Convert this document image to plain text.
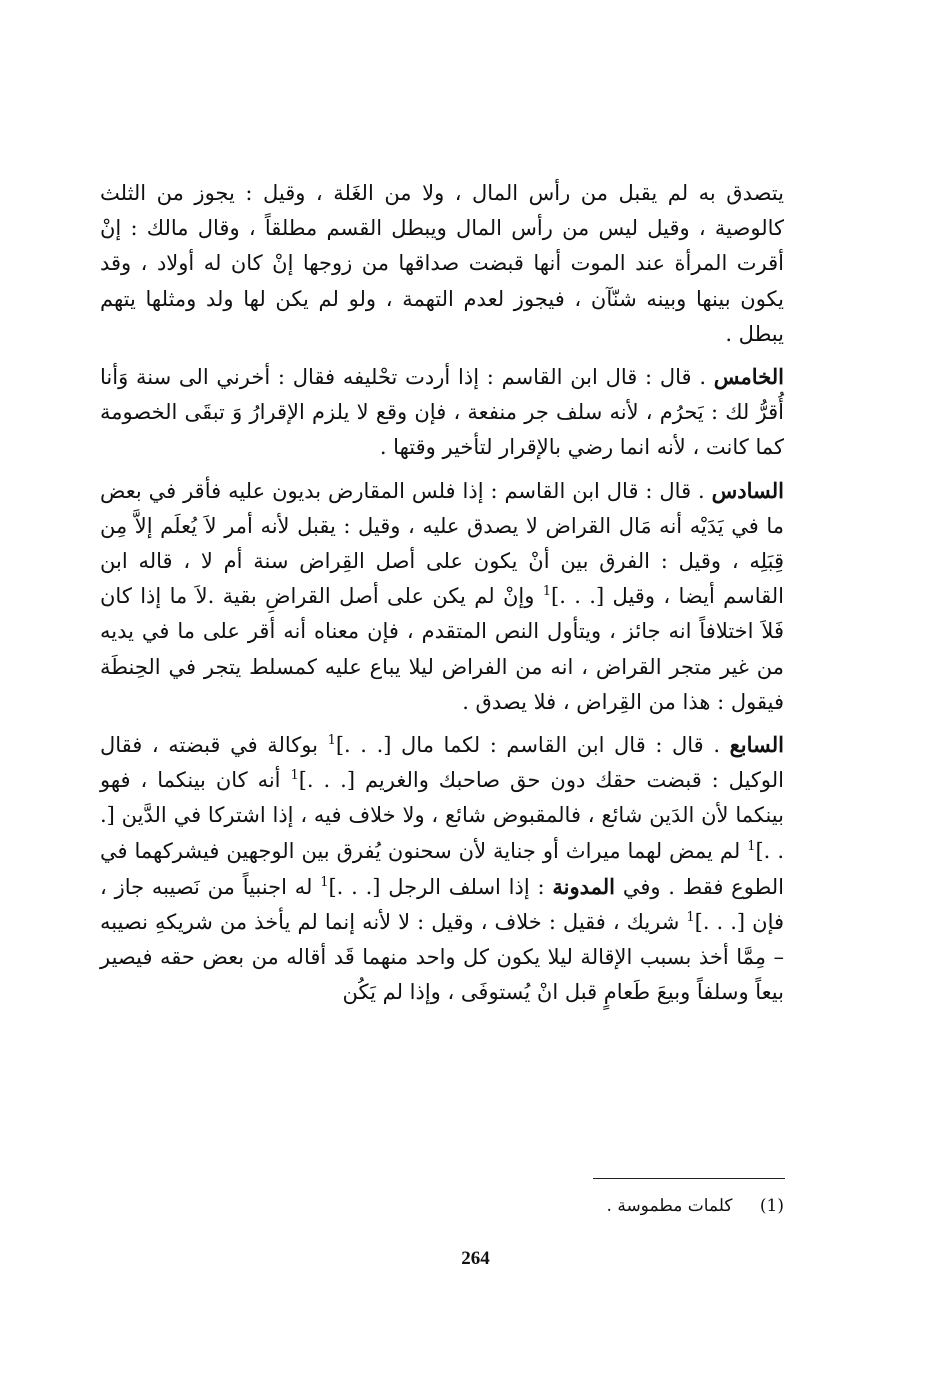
يتصدق به لم يقبل من رأس المال ، ولا من الغَلة ، وقيل : يجوز من الثلث كالوصية ، وقيل ليس من رأس المال ويبطل القسم مطلقاً ، وقال مالك : إنْ أقرت المرأة عند الموت أنها قبضت صداقها من زوجها إنْ كان له أولاد ، وقد يكون بينها وبينه شنّآن ، فيجوز لعدم التهمة ، ولو لم يكن لها ولد ومثلها يتهم يبطل .

الخامس . قال : قال ابن القاسم : إذا أردت تحْليفه فقال : أخرني الى سنة وَأنا أُقرُّ لك : يَحرُم ، لأنه سلف جر منفعة ، فإن وقع لا يلزم الإقرارُ وَ تبقَى الخصومة كما كانت ، لأنه انما رضي بالإقرار لتأخير وقتها .

السادس . قال : قال ابن القاسم : إذا فلس المقارض بديون عليه فأقر في بعض ما في يَدَيْه أنه مَال القراض لا يصدق عليه ، وقيل : يقبل لأنه أمر لاَ يُعلَم إلاَّ مِن قِبَلِه ، وقيل : الفرق بين أنْ يكون على أصل القِراض سنة أم لا ، قاله ابن القاسم أيضا ، وقيل [. . .]$^1$ وإنْ لم يكن على أصل القراضِ بقية .لاَ ما إذا كان فَلاَ اختلافاً انه جائز ، ويتأول النص المتقدم ، فإن معناه أنه أقر على ما في يديه من غير متجر القراض ، انه من الفراض ليلا يباع عليه كمسلط يتجر في الحِنطَة فيقول : هذا من القِراض ، فلا يصدق .

السابع . قال : قال ابن القاسم : لكما مال [. . .]$^1$ بوكالة في قبضته ، فقال الوكيل : قبضت حقك دون حق صاحبك والغريم [. . .]$^1$ أنه كان بينكما ، فهو بينكما لأن الدَين شائع ، فالمقبوض شائع ، ولا خلاف فيه ، إذا اشتركا في الدَّين [. . .]$^1$ لم يمض لهما ميراث أو جناية لأن سحنون يُفرق بين الوجهين فيشركهما في الطوع فقط . وفي المدونة : إذا اسلف الرجل [. . .]$^1$ له اجنبياً من نَصيبه جاز ، فإن [. . .]$^1$ شريك ، فقيل : خلاف ، وقيل : لا لأنه إنما لم يأخذ من شريكهِ نصيبه – مِمَّا أخذ بسبب الإقالة ليلا يكون كل واحد منهما قَد أقاله من بعض حقه فيصير بيعاً وسلفاً وبيعَ طَعامٍ قبل انْ يُستوفَى ، وإذا لم يَكُن

(1) كلمات مطموسة .
264
